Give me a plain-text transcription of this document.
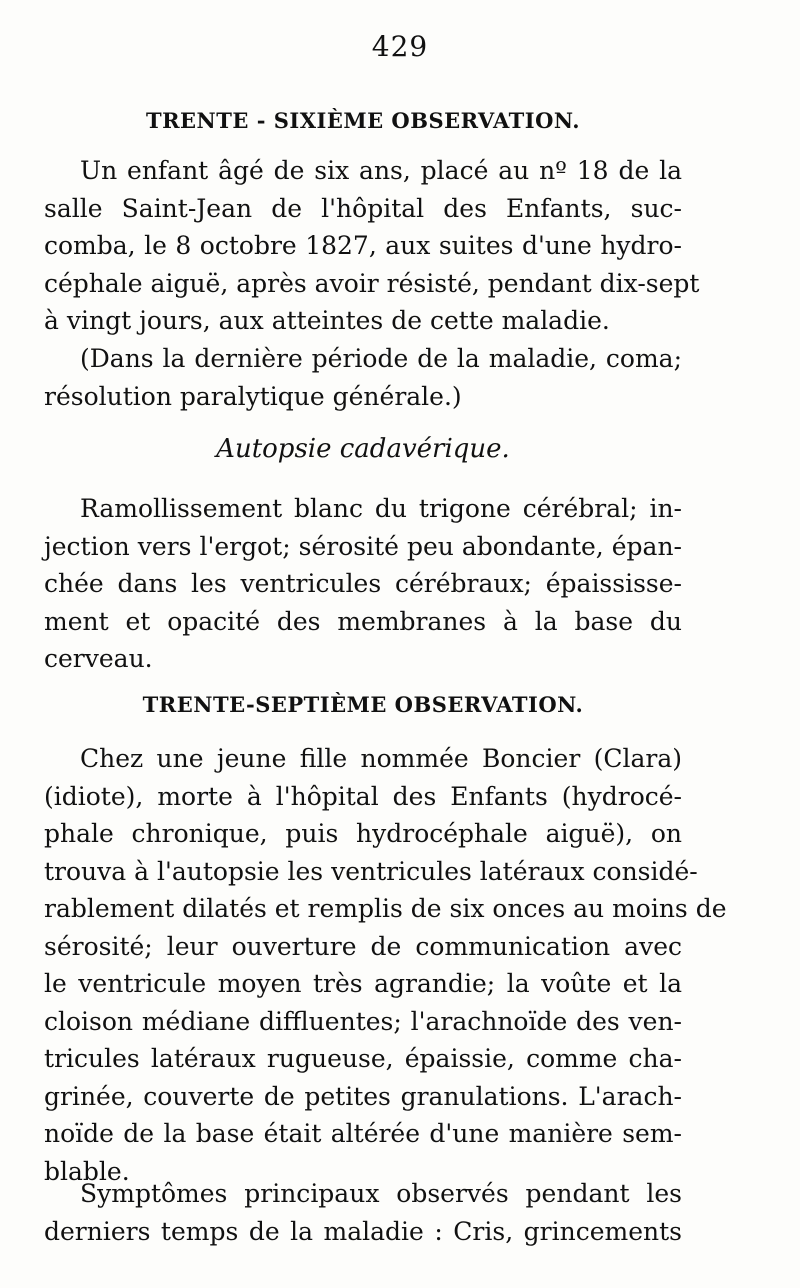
429

TRENTE - SIXIÈME OBSERVATION.

Un enfant âgé de six ans, placé au nº 18 de la
salle Saint-Jean de l'hôpital des Enfants, suc-
comba, le 8 octobre 1827, aux suites d'une hydro-
céphale aiguë, après avoir résisté, pendant dix-sept
à vingt jours, aux atteintes de cette maladie.

(Dans la dernière période de la maladie, coma;
résolution paralytique générale.)

Autopsie cadavérique.

Ramollissement blanc du trigone cérébral; in-
jection vers l'ergot; sérosité peu abondante, épan-
chée dans les ventricules cérébraux; épaississe-
ment et opacité des membranes à la base du
cerveau.

TRENTE-SEPTIÈME OBSERVATION.

Chez une jeune fille nommée Boncier (Clara)
(idiote), morte à l'hôpital des Enfants (hydrocé-
phale chronique, puis hydrocéphale aiguë), on
trouva à l'autopsie les ventricules latéraux considé-
rablement dilatés et remplis de six onces au moins de
sérosité; leur ouverture de communication avec
le ventricule moyen très agrandie; la voûte et la
cloison médiane diffluentes; l'arachnoïde des ven-
tricules latéraux rugueuse, épaissie, comme cha-
grinée, couverte de petites granulations. L'arach-
noïde de la base était altérée d'une manière sem-
blable.

Symptômes principaux observés pendant les
derniers temps de la maladie : Cris, grincements
